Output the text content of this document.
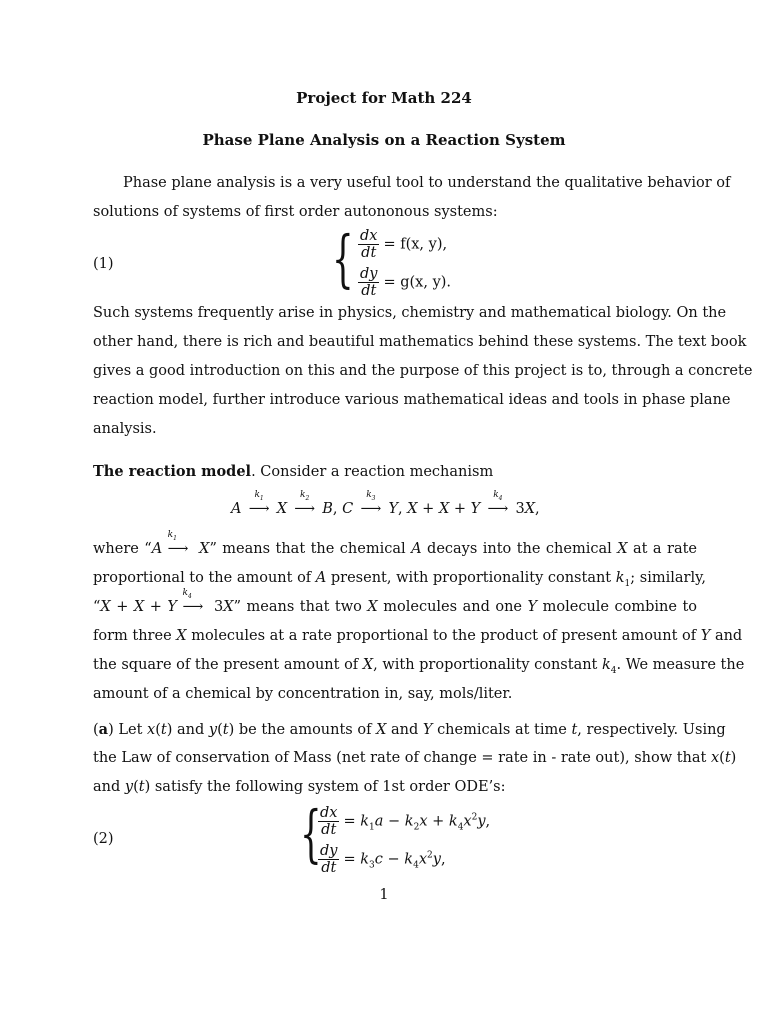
Project for Math 224
Phase Plane Analysis on a Reaction System
Phase plane analysis is a very useful tool to understand the qualitative behavior of
solutions of systems of first order autononous systems:
(1)	{ $\frac{dx}{dt} = f(x$, y),
$\frac{dy}{dt} = g(x$, y).
Such systems frequently arise in physics, chemistry and mathematical biology. On the
other hand, there is rich and beautiful mathematics behind these systems. The text book
gives a good introduction on this and the purpose of this project is to, through a concrete
reaction model, further introduce various mathematical ideas and tools in phase plane
analysis.
The reaction model. Consider a reaction mechanism
A
$k_1$
⟶ X
$k_2$
⟶ B, C
$k_3$
⟶ Y, X + X + Y
$k_4$
⟶ 3X,
where “A
$k_1$
⟶ X” means that the chemical A decays into the chemical X at a rate
proportional to the amount of A present, with proportionality constant $k_1$; similarly,
“X + X + Y
$k_4$
⟶ 3X” means that two X molecules and one Y molecule combine to
form three X molecules at a rate proportional to the product of present amount of Y and
the square of the present amount of X, with proportionality constant $k_4$. We measure the
amount of a chemical by concentration in, say, mols/liter.
(a) Let x(t) and y(t) be the amounts of X and Y chemicals at time t, respectively. Using
the Law of conservation of Mass (net rate of change = rate in - rate out), show that x(t)
and y(t) satisfy the following system of 1st order ODE’s:
(2)	{
$\frac{dx}{dt} = k_1a - k_2x + k_4x^2y$,
$\frac{dy}{dt} = k_3c - k_4x^2y$,
1
